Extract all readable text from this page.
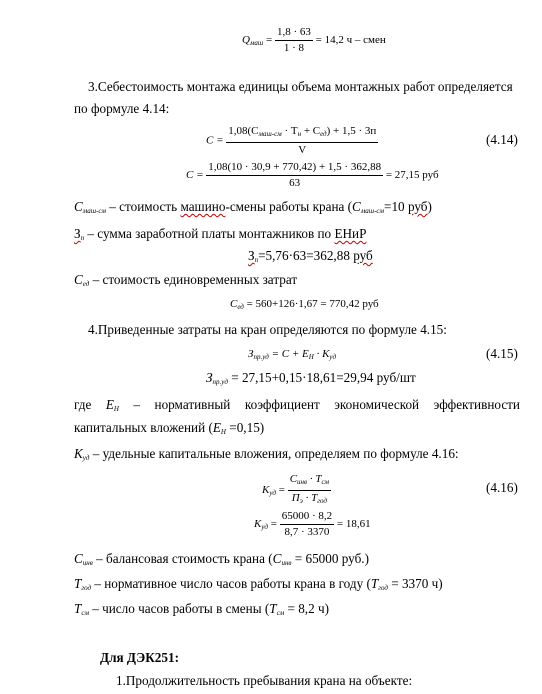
$Q_{маш} = \frac{1,8 \cdot 63}{1 \cdot 8} = 14,2$ ч – смен
3.Себестоимость монтажа единицы объема монтажных работ определяется
по формуле 4.14:
$C = \frac{1,08(C_{маш-см} \cdot T_н + C_{ед}) + 1,5 \cdot 3п}{V}$	(4.14)
$C = \frac{1,08(10 \cdot 30,9 + 770,42) + 1,5 \cdot 362,88}{63} = 27,15$ руб
$C_{маш-см}$ – стоимость машино-смены работы крана ($C_{маш-см}=10$ руб)
$З_п$ – сумма заработной платы монтажников по ЕНиР
$З_п=5,76\cdot 63=362,88$ руб
$C_{ед}$ – стоимость единовременных затрат
$C_{ед} = 560+126\cdot 1,67 = 770,42$ руб
4.Приведенные затраты на кран определяются по формуле 4.15:
$З_{пр.уд} = C + E_H \cdot K_{уд}$	(4.15)
$З_{пр.уд} = 27,15+0,15\cdot 18,61=29,94$ руб/шт
где $E_H$ – нормативный коэффициент экономической эффективности
капитальных вложений $(E_H =0,15)$
$K_{уд}$ – удельные капитальные вложения, определяем по формуле 4.16:
$K_{уд} = \frac{C_{инв} \cdot T_{см}}{П_э \cdot T_{год}}$	(4.16)
$K_{уд} = \frac{65000 \cdot 8,2}{8,7 \cdot 3370} = 18,61$
$C_{инв}$ – балансовая стоимость крана ($C_{инв} = 65000$ руб.)
$T_{год}$ – нормативное число часов работы крана в году ($T_{год} = 3370$ ч)
$T_{см}$ – число часов работы в смены ($T_{см} = 8,2$ ч)
Для ДЭК251:
1.Продолжительность пребывания крана на объекте:
